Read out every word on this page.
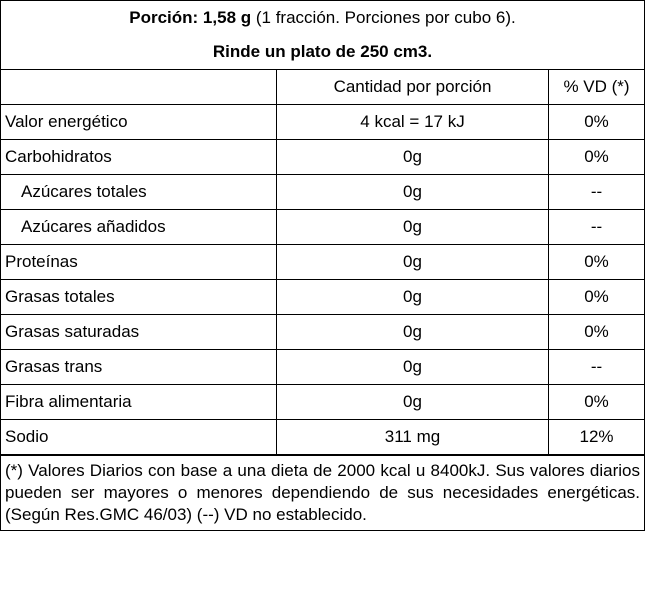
Porción: 1,58 g (1 fracción. Porciones por cubo 6).
Rinde un plato de 250 cm3.
	Cantidad por porción	% VD (*)
Valor energético	4 kcal = 17 kJ	0%
Carbohidratos	0g	0%
Azúcares totales	0g	--
Azúcares añadidos	0g	--
Proteínas	0g	0%
Grasas totales	0g	0%
Grasas saturadas	0g	0%
Grasas trans	0g	--
Fibra alimentaria	0g	0%
Sodio	311 mg	12%
(*) Valores Diarios con base a una dieta de 2000 kcal u 8400kJ. Sus valores diarios pueden ser mayores o menores dependiendo de sus necesidades energéticas. (Según Res.GMC 46/03) (--) VD no establecido.
